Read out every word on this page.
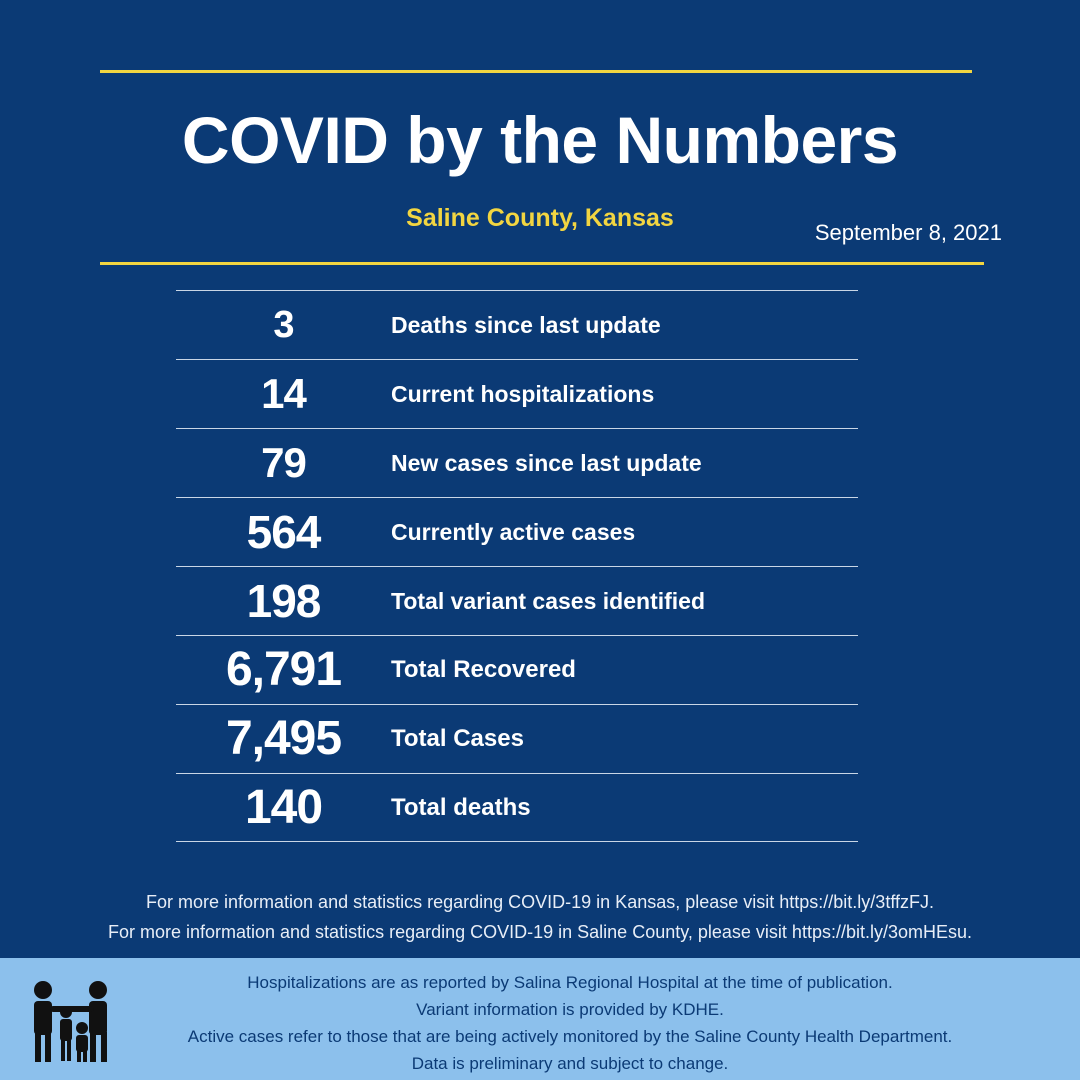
COVID by the Numbers
Saline County, Kansas
September 8, 2021
3	Deaths since last update
14	Current hospitalizations
79	New cases since last update
564	Currently active cases
198	Total variant cases identified
6,791	Total Recovered
7,495	Total Cases
140	Total deaths
For more information and statistics regarding COVID-19 in Kansas, please visit https://bit.ly/3tffzFJ.
For more information and statistics regarding COVID-19 in Saline County, please visit https://bit.ly/3omHEsu.
Hospitalizations are as reported by Salina Regional Hospital at the time of publication.
Variant information is provided by KDHE.
Active cases refer to those that are being actively monitored by the Saline County Health Department.
Data is preliminary and subject to change.
